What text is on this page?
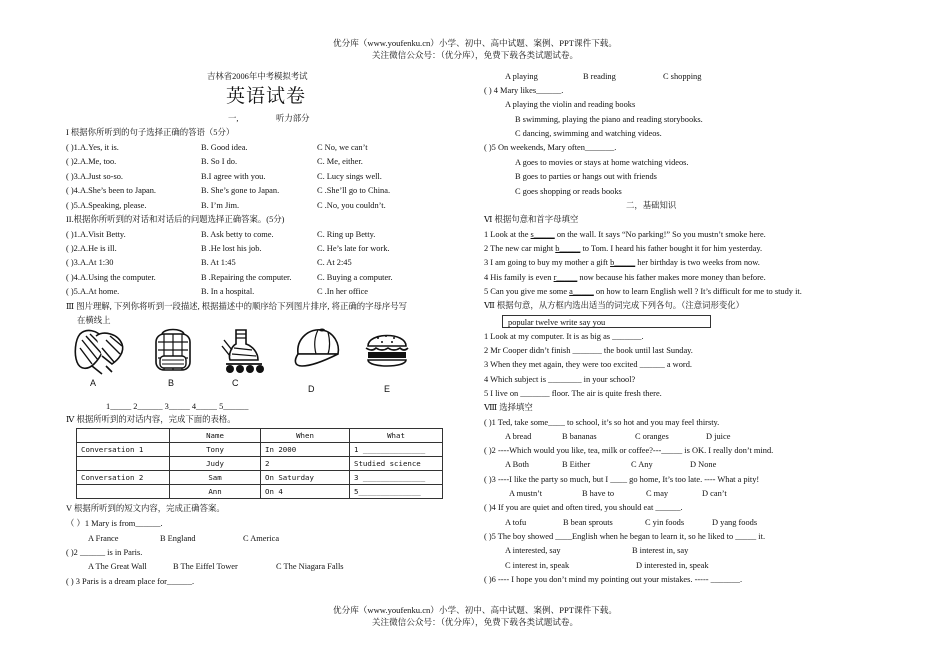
优分库（www.youfenku.cn）小学、初中、高中试题、案例、PPT课件下载。
关注微信公众号：（优分库），免费下载各类试题试卷。
吉林省2006年中考模拟考试
英语试卷
一,	听力部分
I 根据你所听到的句子选择正确的答语（5分）
( )1.A.Yes, it is.	B. Good idea.	C No, we can’t
( )2.A.Me, too.	B. So I do.	C. Me, either.
( )3.A.Just so-so.	B.I agree with you.	C. Lucy sings well.
( )4.A.She’s been to Japan.	B. She’s gone to Japan.	C .She’ll go to China.
( )5.A.Speaking, please.	B. I’m Jim.	C .No, you couldn’t.
II.根据你所听到的对话和对话后的问题选择正确答案。(5分)
( )1.A.Visit Betty.	B. Ask betty to come.	C. Ring up Betty.
( )2.A.He is ill.	B .He lost his job.	C. He’s late for work.
( )3.A.At 1:30	B. At 1:45	C. At 2:45
( )4.A.Using the computer.	B .Repairing the computer.	C. Buying a computer.
( )5.A.At home.	B. In a hospital.	C .In her office
Ⅲ 图片理解, 下列你将听到一段描述, 根据描述中的顺序给下列图片排序, 将正确的字母序号写
在横线上
A	B	C
D	E
1_____ 2______ 3_____ 4_____ 5______
Ⅳ 根据所听到的对话内容，完成下面的表格。
	Name	When	What
Conversation 1	Tony	In 2000	1 ______________
	Judy	2	Studied science
Conversation 2	Sam	On Saturday	3 ______________
	Ann	On 4	5______________
V 根据所听到的短文内容，完成正确答案。
（ ）1 Mary is from______.
A France	B England	C America
( )2 ______ is in Paris.
A The Great Wall	B The Eiffel Tower	C The Niagara Falls
( ) 3 Paris is a dream place for______.
A playing	B reading	C shopping
( ) 4 Mary likes______.
A playing the violin and reading books
B swimming, playing the piano and reading storybooks.
C dancing, swimming and watching videos.
( )5 On weekends, Mary often_______.
A goes to movies or stays at home watching videos.
B goes to parties or hangs out with friends
C goes shopping or reads books
二，基础知识
Ⅵ 根据句意和首字母填空
1 Look at the s_____ on the wall. It says “No parking!” So you mustn’t smoke here.
2 The new car might b_____ to Tom. I heard his father bought it for him yesterday.
3 I am going to buy my mother a gift b_____ her birthday is two weeks from now.
4 His family is even r_____ now because his father makes more money than before.
5 Can you give me some a_____ on how to learn English well ? It’s difficult for me to study it.
Ⅶ 根据句意，从方框内选出适当的词完成下列各句。（注意词形变化）
popular twelve write say you
1 Look at my computer. It is as big as _______.
2 Mr Cooper didn’t finish _______ the book until last Sunday.
3 When they met again, they were too excited ______ a word.
4 Which subject is ________ in your school?
5 I live on _______ floor. The air is quite fresh there.
Ⅷ 选择填空
( )1 Ted, take some____ to school, it’s so hot and you may feel thirsty.
A bread	B bananas	C oranges	D juice
( )2 ----Which would you like, tea, milk or coffee?---_____ is OK. I really don’t mind.
A Both	B Either	C Any	D None
( )3 ----I like the party so much, but I ____ go home, It’s too late. ---- What a pity!
A mustn’t	B have to	C may	D can’t
( )4 If you are quiet and often tired, you should eat ______.
A tofu	B bean sprouts	C yin foods	D yang foods
( )5 The boy showed ____English when he began to learn it, so he liked to _____ it.
A interested, say	B interest in, say
C interest in, speak	D interested in, speak
( )6 ---- I hope you don’t mind my pointing out your mistakes. ----- _______.
优分库（www.youfenku.cn）小学、初中、高中试题、案例、PPT课件下载。
关注微信公众号：（优分库），免费下载各类试题试卷。
